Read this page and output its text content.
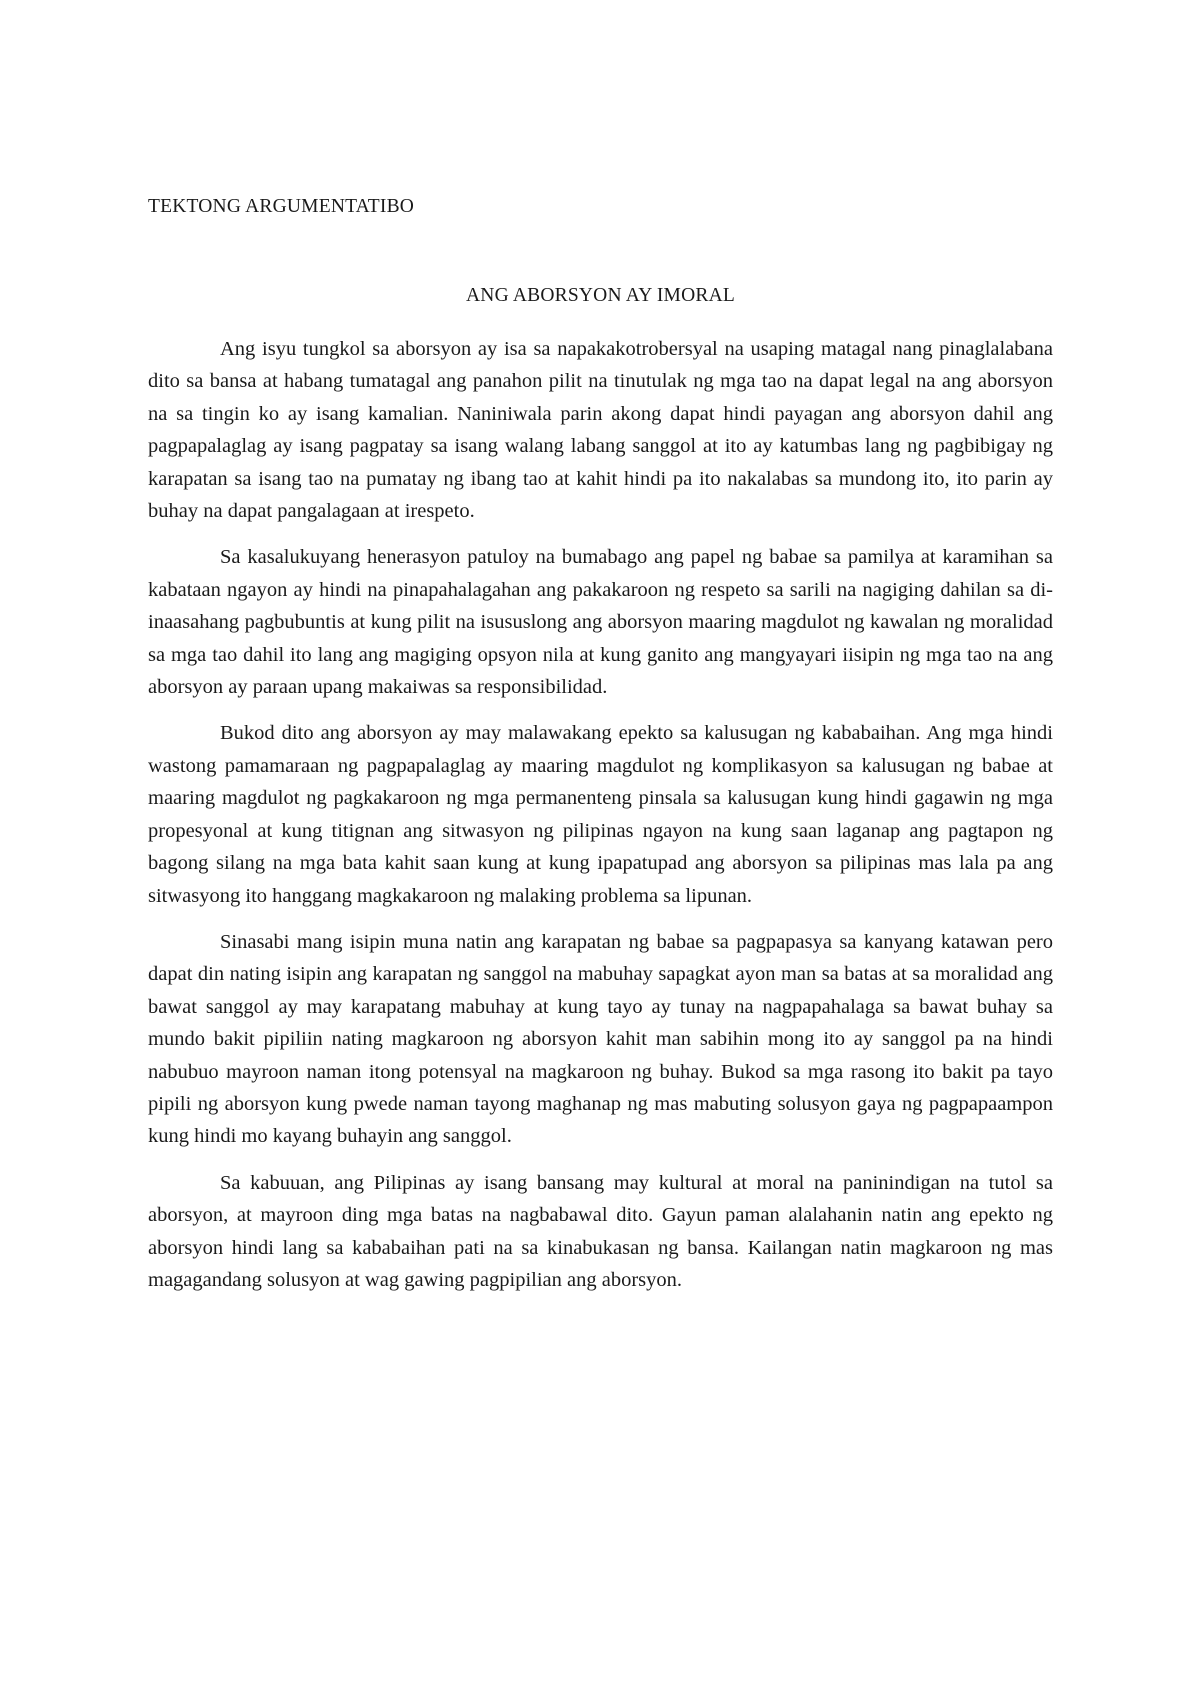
TEKTONG ARGUMENTATIBO
ANG ABORSYON AY IMORAL

Ang isyu tungkol sa aborsyon ay isa sa napakakotrobersyal na usaping matagal nang pinaglalabana dito sa bansa at habang tumatagal ang panahon pilit na tinutulak ng mga tao na dapat legal na ang aborsyon na sa tingin ko ay isang kamalian. Naniniwala parin akong dapat hindi payagan ang aborsyon dahil ang pagpapalaglag ay isang pagpatay sa isang walang labang sanggol at ito ay katumbas lang ng pagbibigay ng karapatan sa isang tao na pumatay ng ibang tao at kahit hindi pa ito nakalabas sa mundong ito, ito parin ay buhay na dapat pangalagaan at irespeto.

Sa kasalukuyang henerasyon patuloy na bumabago ang papel ng babae sa pamilya at karamihan sa kabataan ngayon ay hindi na pinapahalagahan ang pakakaroon ng respeto sa sarili na nagiging dahilan sa di-inaasahang pagbubuntis at kung pilit na isususlong ang aborsyon maaring magdulot ng kawalan ng moralidad sa mga tao dahil ito lang ang magiging opsyon nila at kung ganito ang mangyayari iisipin ng mga tao na ang aborsyon ay paraan upang makaiwas sa responsibilidad.

Bukod dito ang aborsyon ay may malawakang epekto sa kalusugan ng kababaihan. Ang mga hindi wastong pamamaraan ng pagpapalaglag ay maaring magdulot ng komplikasyon sa kalusugan ng babae at maaring magdulot ng pagkakaroon ng mga permanenteng pinsala sa kalusugan kung hindi gagawin ng mga propesyonal at kung titignan ang sitwasyon ng pilipinas ngayon na kung saan laganap ang pagtapon ng bagong silang na mga bata kahit saan kung at kung ipapatupad ang aborsyon sa pilipinas mas lala pa ang sitwasyong ito hanggang magkakaroon ng malaking problema sa lipunan.

Sinasabi mang isipin muna natin ang karapatan ng babae sa pagpapasya sa kanyang katawan pero dapat din nating isipin ang karapatan ng sanggol na mabuhay sapagkat ayon man sa batas at sa moralidad ang bawat sanggol ay may karapatang mabuhay at kung tayo ay tunay na nagpapahalaga sa bawat buhay sa mundo bakit pipiliin nating magkaroon ng aborsyon kahit man sabihin mong ito ay sanggol pa na hindi nabubuo mayroon naman itong potensyal na magkaroon ng buhay. Bukod sa mga rasong ito bakit pa tayo pipili ng aborsyon kung pwede naman tayong maghanap ng mas mabuting solusyon gaya ng pagpapaampon kung hindi mo kayang buhayin ang sanggol.

Sa kabuuan, ang Pilipinas ay isang bansang may kultural at moral na paninindigan na tutol sa aborsyon, at mayroon ding mga batas na nagbabawal dito. Gayun paman alalahanin natin ang epekto ng aborsyon hindi lang sa kababaihan pati na sa kinabukasan ng bansa. Kailangan natin magkaroon ng mas magagandang solusyon at wag gawing pagpipilian ang aborsyon.
